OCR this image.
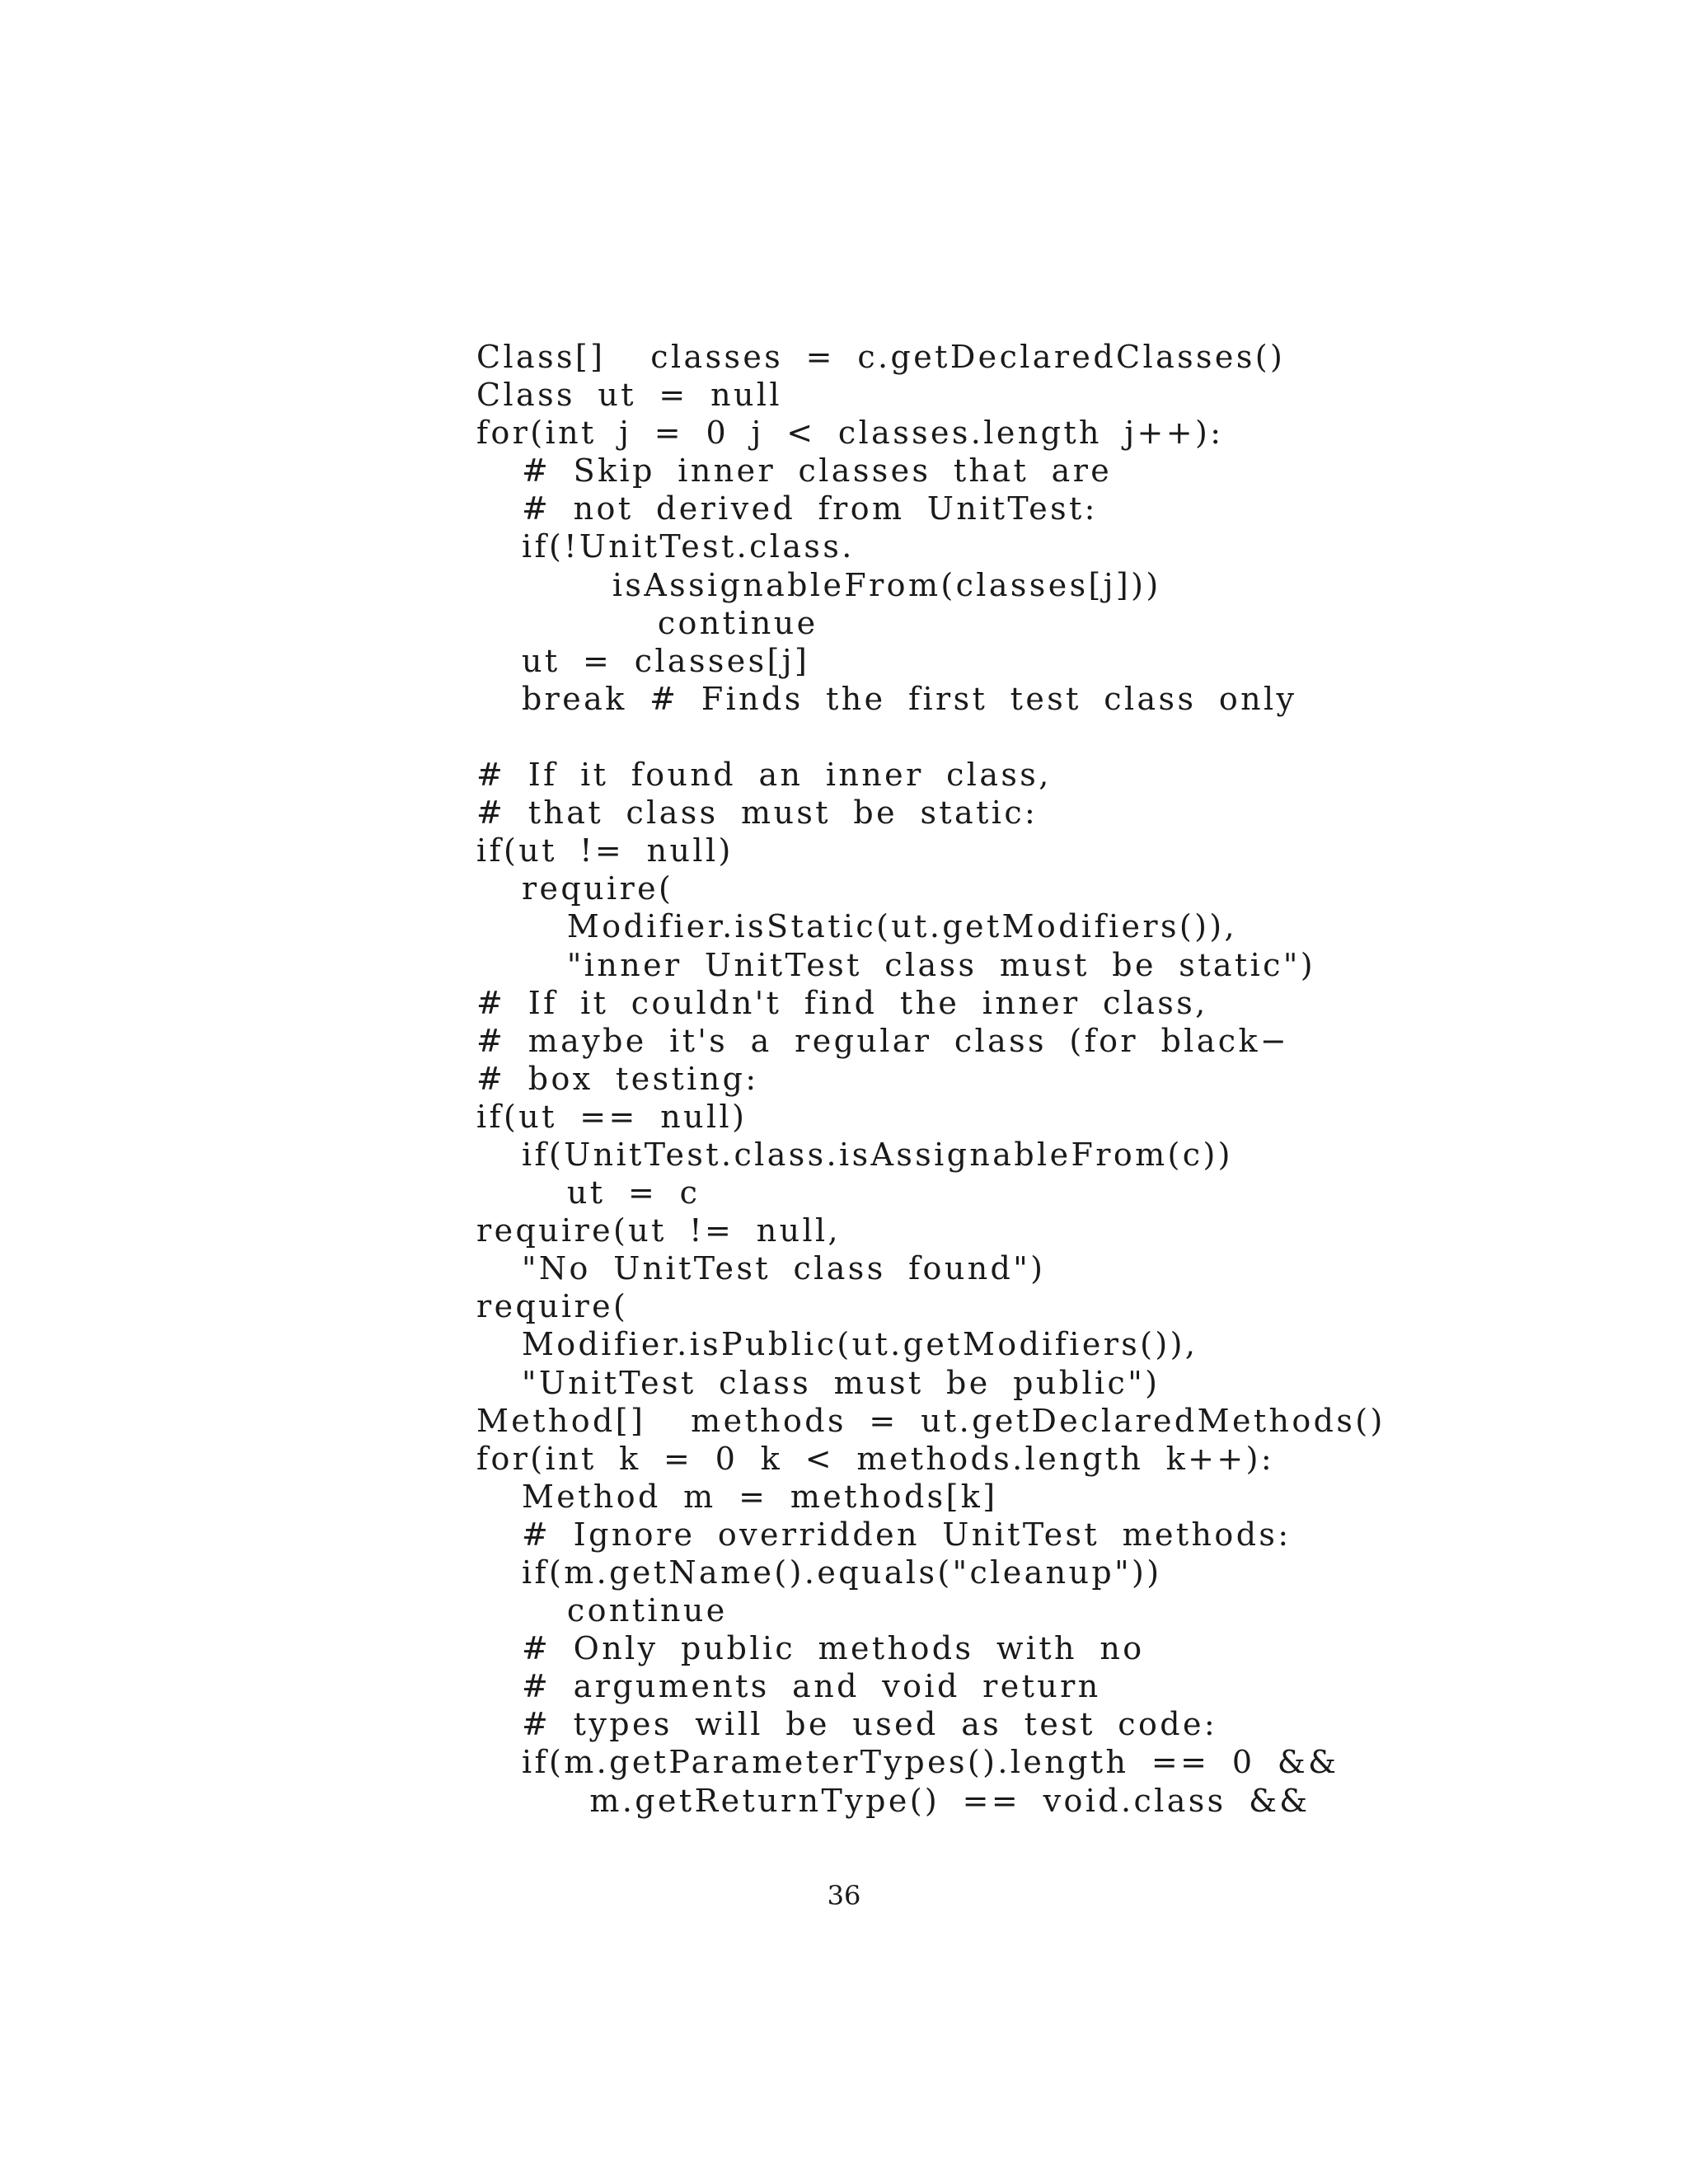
Class[]  classes = c.getDeclaredClasses()
Class ut = null
for(int j = 0 j < classes.length j++):
# Skip inner classes that are
# not derived from UnitTest:
if(!UnitTest.class.
isAssignableFrom(classes[j]))
continue
ut = classes[j]
break # Finds the first test class only
# If it found an inner class,
# that class must be static:
if(ut != null)
require(
Modifier.isStatic(ut.getModifiers()),
"inner UnitTest class must be static")
# If it couldn't find the inner class,
# maybe it's a regular class (for black−
# box testing:
if(ut == null)
if(UnitTest.class.isAssignableFrom(c))
ut = c
require(ut != null,
"No UnitTest class found")
require(
Modifier.isPublic(ut.getModifiers()),
"UnitTest class must be public")
Method[]  methods = ut.getDeclaredMethods()
for(int k = 0 k < methods.length k++):
Method m = methods[k]
# Ignore overridden UnitTest methods:
if(m.getName().equals("cleanup"))
continue
# Only public methods with no
# arguments and void return
# types will be used as test code:
if(m.getParameterTypes().length == 0 &&
m.getReturnType() == void.class &&
36
